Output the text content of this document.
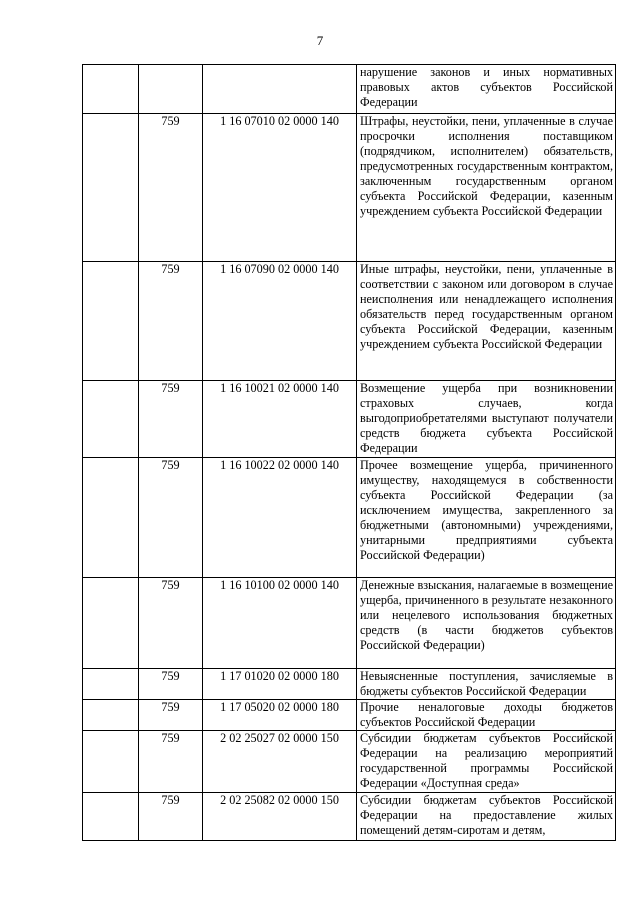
7

			нарушение законов и иных нормативных правовых актов субъектов Российской Федерации

	759	1 16 07010 02 0000 140	Штрафы, неустойки, пени, уплаченные в случае просрочки исполнения поставщиком (подрядчиком, исполнителем) обязательств, предусмотренных государственным контрактом, заключенным государственным органом субъекта Российской Федерации, казенным учреждением субъекта Российской Федерации

	759	1 16 07090 02 0000 140	Иные штрафы, неустойки, пени, уплаченные в соответствии с законом или договором в случае неисполнения или ненадлежащего исполнения обязательств перед государственным органом субъекта Российской Федерации, казенным учреждением субъекта Российской Федерации

	759	1 16 10021 02 0000 140	Возмещение ущерба при возникновении страховых случаев, когда выгодоприобретателями выступают получатели средств бюджета субъекта Российской Федерации

	759	1 16 10022 02 0000 140	Прочее возмещение ущерба, причиненного имуществу, находящемуся в собственности субъекта Российской Федерации (за исключением имущества, закрепленного за бюджетными (автономными) учреждениями, унитарными предприятиями субъекта Российской Федерации)

	759	1 16 10100 02 0000 140	Денежные взыскания, налагаемые в возмещение ущерба, причиненного в результате незаконного или нецелевого использования бюджетных средств (в части бюджетов субъектов Российской Федерации)

	759	1 17 01020 02 0000 180	Невыясненные поступления, зачисляемые в бюджеты субъектов Российской Федерации

	759	1 17 05020 02 0000 180	Прочие неналоговые доходы бюджетов субъектов Российской Федерации

	759	2 02 25027 02 0000 150	Субсидии бюджетам субъектов Российской Федерации на реализацию мероприятий государственной программы Российской Федерации «Доступная среда»

	759	2 02 25082 02 0000 150	Субсидии бюджетам субъектов Российской Федерации на предоставление жилых помещений детям-сиротам и детям,
